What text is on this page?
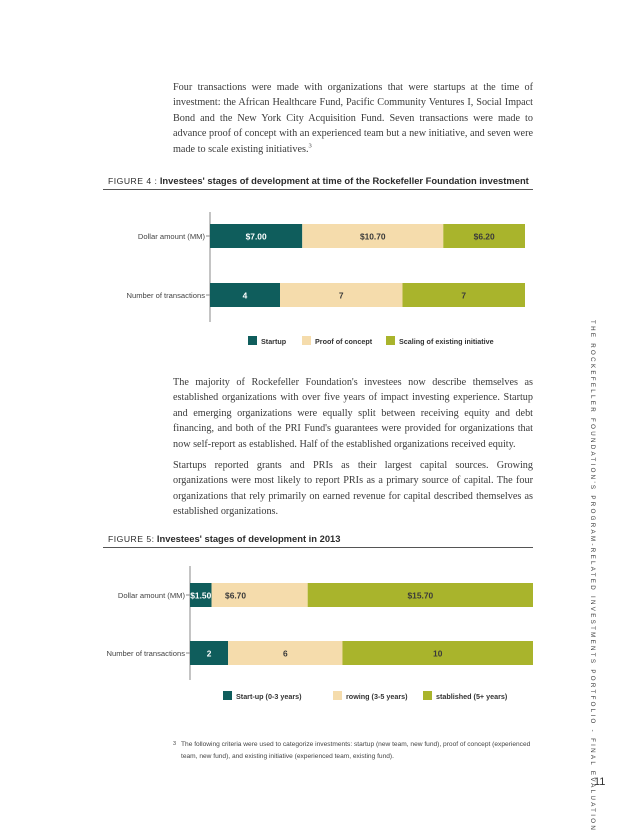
Four transactions were made with organizations that were startups at the time of investment: the African Healthcare Fund, Pacific Community Ventures I, Social Impact Bond and the New York City Acquisition Fund. Seven transactions were made to advance proof of concept with an experienced team but a new initiative, and seven were made to scale existing initiatives.$^3$

FIGURE 4 : Investees' stages of development at time of the Rockefeller Foundation investment

The majority of Rockefeller Foundation's investees now describe themselves as established organizations with over five years of impact investing experience. Startup and emerging organizations were equally split between receiving equity and debt financing, and both of the PRI Fund's guarantees were provided for organizations that now self-report as established. Half of the established organizations received equity.

Startups reported grants and PRIs as their largest capital sources. Growing organizations were most likely to report PRIs as a primary source of capital. The four organizations that rely primarily on earned revenue for capital described themselves as established organizations.

FIGURE 5: Investees' stages of development in 2013
Dollar amount (MM)	$7.00	$10.70	$6.20
Number of transactions	4	7	7
Startup	Proof of concept	Scaling of existing initiative
Dollar amount (MM) $1.50 $6.70	$15.70
Number of transactions	2	6	10
Start-up (0-3 years)	rowing (3-5 years)	stablished (5+ years)	THE ROCKEFELLER FOUNDATION'S PROGRAM-RELATED INVESTMENTS PORTFOLIO - FINAL EVALUATION
3 The following criteria were used to categorize investments: startup (new team, new fund), proof of concept (experienced team, new fund), and existing initiative (experienced team, existing fund).
11
